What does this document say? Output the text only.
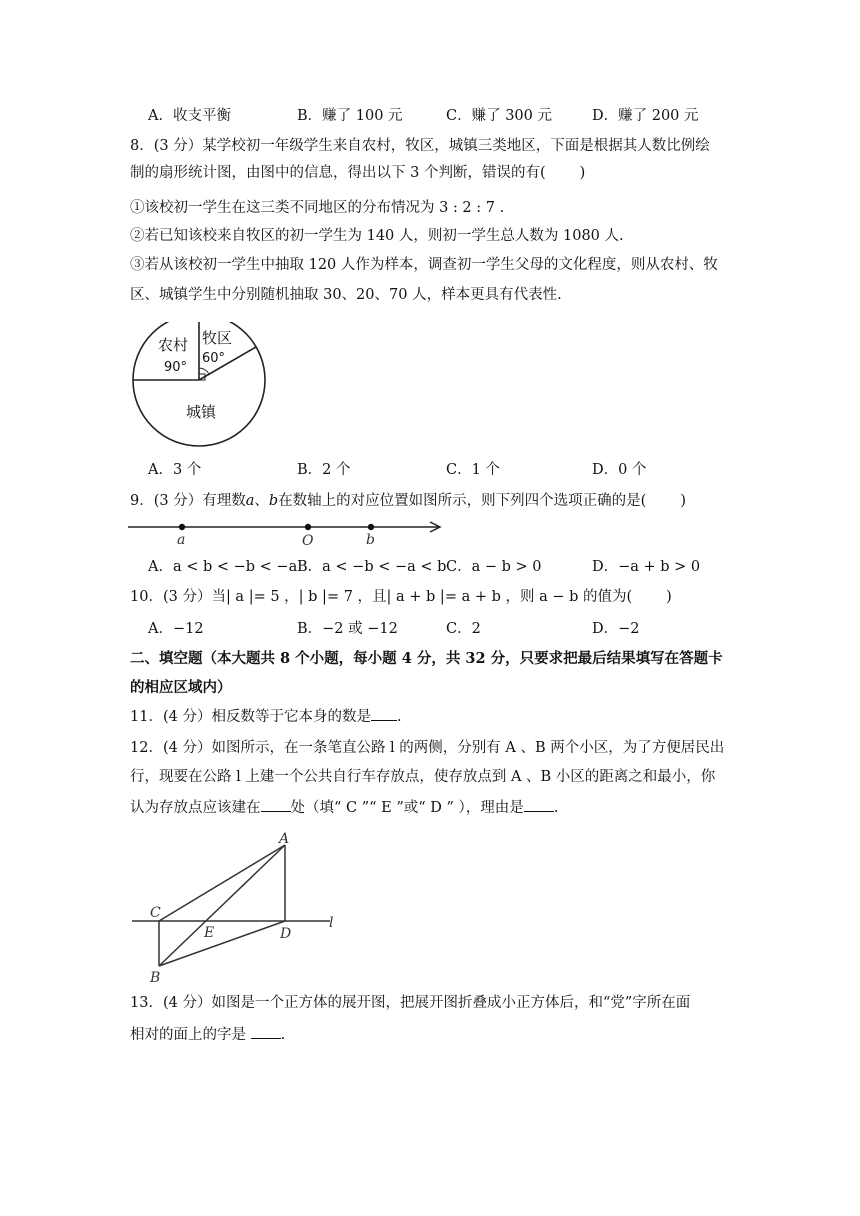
A．收支平衡	B．赚了 100 元	C．赚了 300 元	D．赚了 200 元
8．(3 分）某学校初一年级学生来自农村，牧区，城镇三类地区，下面是根据其人数比例绘
制的扇形统计图，由图中的信息，得出以下 3 个判断，错误的有( )
①该校初一学生在这三类不同地区的分布情况为 3 : 2 : 7 .
②若已知该校来自牧区的初一学生为 140 人，则初一学生总人数为 1080 人.
③若从该校初一学生中抽取 120 人作为样本，调查初一学生父母的文化程度，则从农村、牧
区、城镇学生中分别随机抽取 30、20、70 人，样本更具有代表性.
农村
90°
牧区
60°
城镇
A．3 个	B．2 个	C．1 个	D．0 个
9．(3 分）有理数a、b在数轴上的对应位置如图所示，则下列四个选项正确的是( )
a	O	b
A．a < b < −b < −a B．a < −b < −a < b C．a − b > 0	D．−a + b > 0
10．(3 分）当| a |= 5 ，| b |= 7 ，且| a + b |= a + b ，则 a − b 的值为( )
A．−12	B．−2 或 −12	C．2	D．−2
二、填空题（本大题共 8 个小题，每小题 4 分，共 32 分，只要求把最后结果填写在答题卡
的相应区域内）
11．(4 分）相反数等于它本身的数是 .
12．(4 分）如图所示，在一条笔直公路 l 的两侧，分别有 A 、B 两个小区，为了方便居民出
行，现要在公路 l 上建一个公共自行车存放点，使存放点到 A 、B 小区的距离之和最小，你
认为存放点应该建在 处（填“ C ”“ E ”或“ D ” ），理由是 .
A
C
E	D
B
l
13．(4 分）如图是一个正方体的展开图，把展开图折叠成小正方体后，和“党”字所在面
相对的面上的字是 .
